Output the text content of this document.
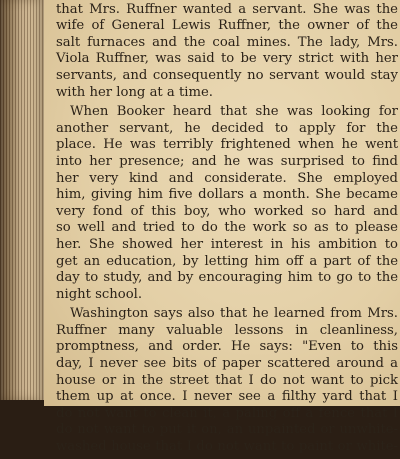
that Mrs. Ruffner wanted a servant. She was the
wife of General Lewis Ruffner, the owner of the
salt furnaces and the coal mines. The lady, Mrs.
Viola Ruffner, was said to be very strict with her
servants, and consequently no servant would stay
with her long at a time.
When Booker heard that she was looking for
another servant, he decided to apply for the
place. He was terribly frightened when he went
into her presence; and he was surprised to find
her very kind and considerate. She employed
him, giving him five dollars a month. She became
very fond of this boy, who worked so hard and
so well and tried to do the work so as to please
her. She showed her interest in his ambition to
get an education, by letting him off a part of the
day to study, and by encouraging him to go to the
night school.
Washington says also that he learned from Mrs.
Ruffner many valuable lessons in cleanliness,
promptness, and order. He says: "Even to this
day, I never see bits of paper scattered around a
house or in the street that I do not want to pick
them up at once. I never see a filthy yard that I
do not want to clean it, a paling off a fence that I
do not want to put it on, an unpainted or unwhite-
washed house that I do not want to paint or white-
